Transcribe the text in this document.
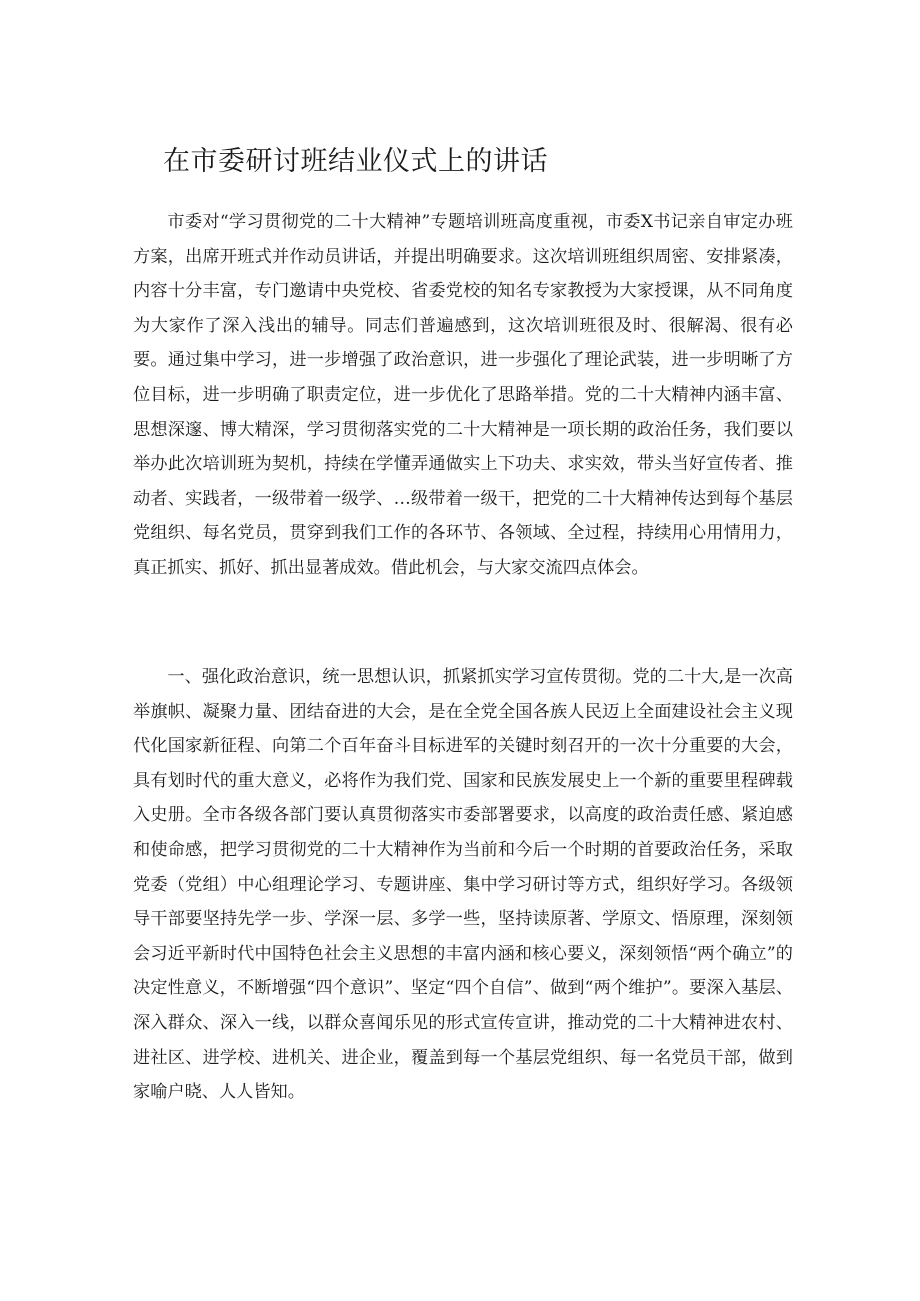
在市委研讨班结业仪式上的讲话

市委对“学习贯彻党的二十大精神”专题培训班高度重视，市委X书记亲自审定办班方案，出席开班式并作动员讲话，并提出明确要求。这次培训班组织周密、安排紧凑，内容十分丰富，专门邀请中央党校、省委党校的知名专家教授为大家授课，从不同角度为大家作了深入浅出的辅导。同志们普遍感到，这次培训班很及时、很解渴、很有必要。通过集中学习，进一步增强了政治意识，进一步强化了理论武装，进一步明晰了方位目标，进一步明确了职责定位，进一步优化了思路举措。党的二十大精神内涵丰富、思想深邃、博大精深，学习贯彻落实党的二十大精神是一项长期的政治任务，我们要以举办此次培训班为契机，持续在学懂弄通做实上下功夫、求实效，带头当好宣传者、推动者、实践者，一级带着一级学、…级带着一级干，把党的二十大精神传达到每个基层党组织、每名党员，贯穿到我们工作的各环节、各领域、全过程，持续用心用情用力，真正抓实、抓好、抓出显著成效。借此机会，与大家交流四点体会。

一、强化政治意识，统一思想认识，抓紧抓实学习宣传贯彻。党的二十大,是一次高举旗帜、凝聚力量、团结奋进的大会，是在全党全国各族人民迈上全面建设社会主义现代化国家新征程、向第二个百年奋斗目标进军的关键时刻召开的一次十分重要的大会，具有划时代的重大意义，必将作为我们党、国家和民族发展史上一个新的重要里程碑载入史册。全市各级各部门要认真贯彻落实市委部署要求，以高度的政治责任感、紧迫感和使命感，把学习贯彻党的二十大精神作为当前和今后一个时期的首要政治任务，采取党委（党组）中心组理论学习、专题讲座、集中学习研讨等方式，组织好学习。各级领导干部要坚持先学一步、学深一层、多学一些，坚持读原著、学原文、悟原理，深刻领会习近平新时代中国特色社会主义思想的丰富内涵和核心要义，深刻领悟“两个确立”的决定性意义，不断增强“四个意识”、坚定“四个自信”、做到“两个维护”。要深入基层、深入群众、深入一线，以群众喜闻乐见的形式宣传宣讲，推动党的二十大精神进农村、进社区、进学校、进机关、进企业，覆盖到每一个基层党组织、每一名党员干部，做到家喻户晓、人人皆知。
